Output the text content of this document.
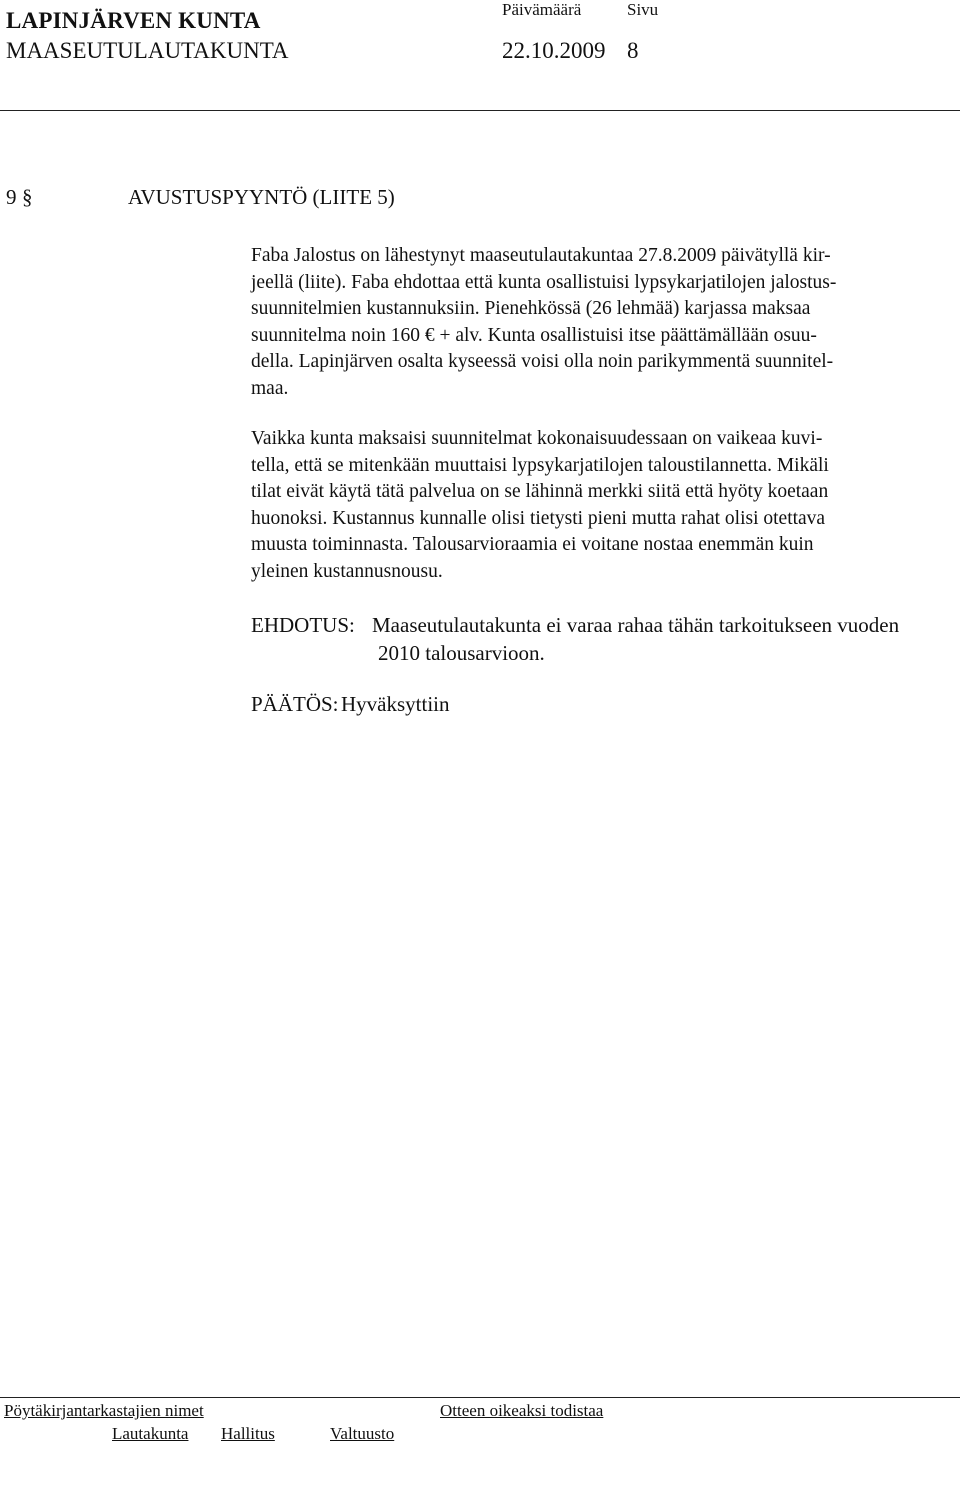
LAPINJÄRVEN KUNTA
MAASEUTULAUTAKUNTA
Päivämäärä	Sivu
22.10.2009 8
9 §	AVUSTUSPYYNTÖ (LIITE 5)
Faba Jalostus on lähestynyt maaseutulautakuntaa 27.8.2009 päivätyllä kir-
jeellä (liite). Faba ehdottaa että kunta osallistuisi lypsykarjatilojen jalostus-
suunnitelmien kustannuksiin. Pienehkössä (26 lehmää) karjassa maksaa
suunnitelma noin 160 € + alv. Kunta osallistuisi itse päättämällään osuu-
della. Lapinjärven osalta kyseessä voisi olla noin parikymmentä suunnitel-
maa.
Vaikka kunta maksaisi suunnitelmat kokonaisuudessaan on vaikeaa kuvi-
tella, että se mitenkään muuttaisi lypsykarjatilojen taloustilannetta. Mikäli
tilat eivät käytä tätä palvelua on se lähinnä merkki siitä että hyöty koetaan
huonoksi. Kustannus kunnalle olisi tietysti pieni mutta rahat olisi otettava
muusta toiminnasta. Talousarvioraamia ei voitane nostaa enemmän kuin
yleinen kustannusnousu.
EHDOTUS: Maaseutulautakunta ei varaa rahaa tähän tarkoitukseen vuoden
2010 talousarvioon.
PÄÄTÖS: Hyväksyttiin
Pöytäkirjantarkastajien nimet	Otteen oikeaksi todistaa
Lautakunta Hallitus	Valtuusto
